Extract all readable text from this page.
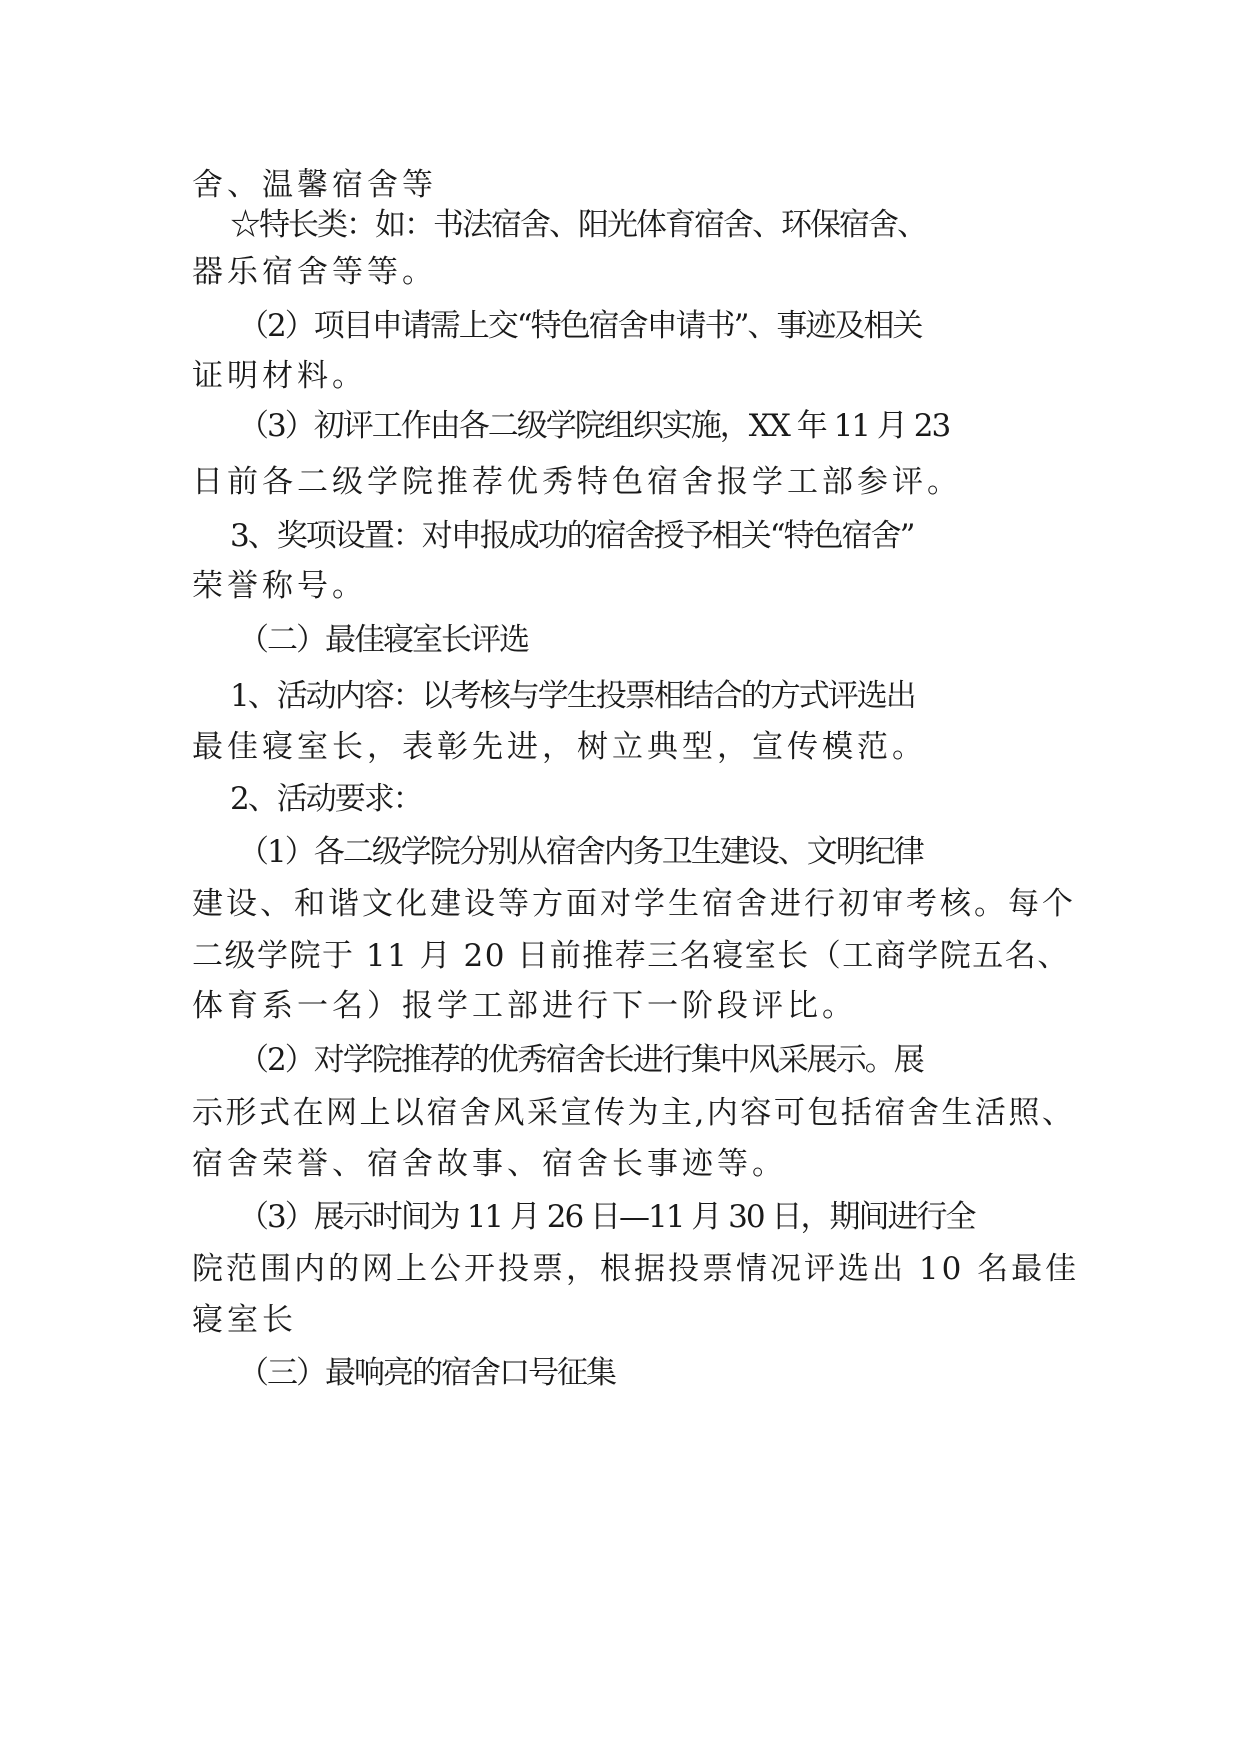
舍、温馨宿舍等
☆特长类：如：书法宿舍、阳光体育宿舍、环保宿舍、
器乐宿舍等等。
（2）项目申请需上交“特色宿舍申请书”、事迹及相关
证明材料。
（3）初评工作由各二级学院组织实施，XX 年 11 月 23
日前各二级学院推荐优秀特色宿舍报学工部参评。
3、奖项设置：对申报成功的宿舍授予相关“特色宿舍”
荣誉称号。
（二）最佳寝室长评选
1、活动内容：以考核与学生投票相结合的方式评选出
最佳寝室长，表彰先进，树立典型，宣传模范。
2、活动要求：
（1）各二级学院分别从宿舍内务卫生建设、文明纪律
建设、和谐文化建设等方面对学生宿舍进行初审考核。每个
二级学院于 11 月 20 日前推荐三名寝室长（工商学院五名、
体育系一名）报学工部进行下一阶段评比。
（2）对学院推荐的优秀宿舍长进行集中风采展示。展
示形式在网上以宿舍风采宣传为主,内容可包括宿舍生活照、
宿舍荣誉、宿舍故事、宿舍长事迹等。
（3）展示时间为 11 月 26 日—11 月 30 日，期间进行全
院范围内的网上公开投票，根据投票情况评选出 10 名最佳
寝室长
（三）最响亮的宿舍口号征集
